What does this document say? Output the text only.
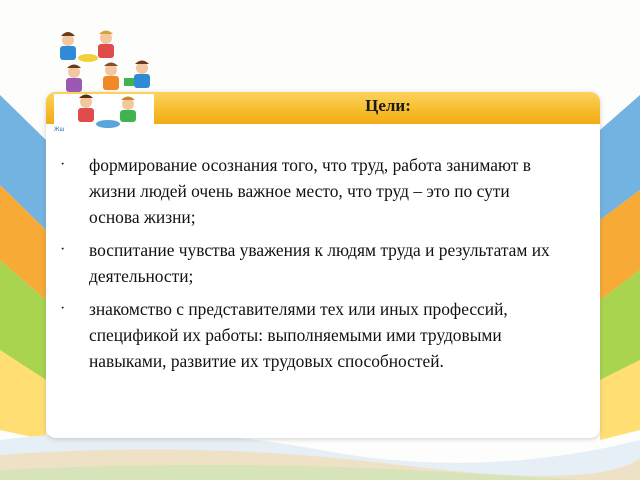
Цели:
Жш
· формирование осознания того, что труд, работа занимают в жизни людей очень важное место, что труд – это по сути основа жизни;
· воспитание чувства уважения к людям труда и результатам их деятельности;
· знакомство с представителями тех или иных профессий, спецификой их работы: выполняемыми ими трудовыми навыками, развитие их трудовых способностей.
